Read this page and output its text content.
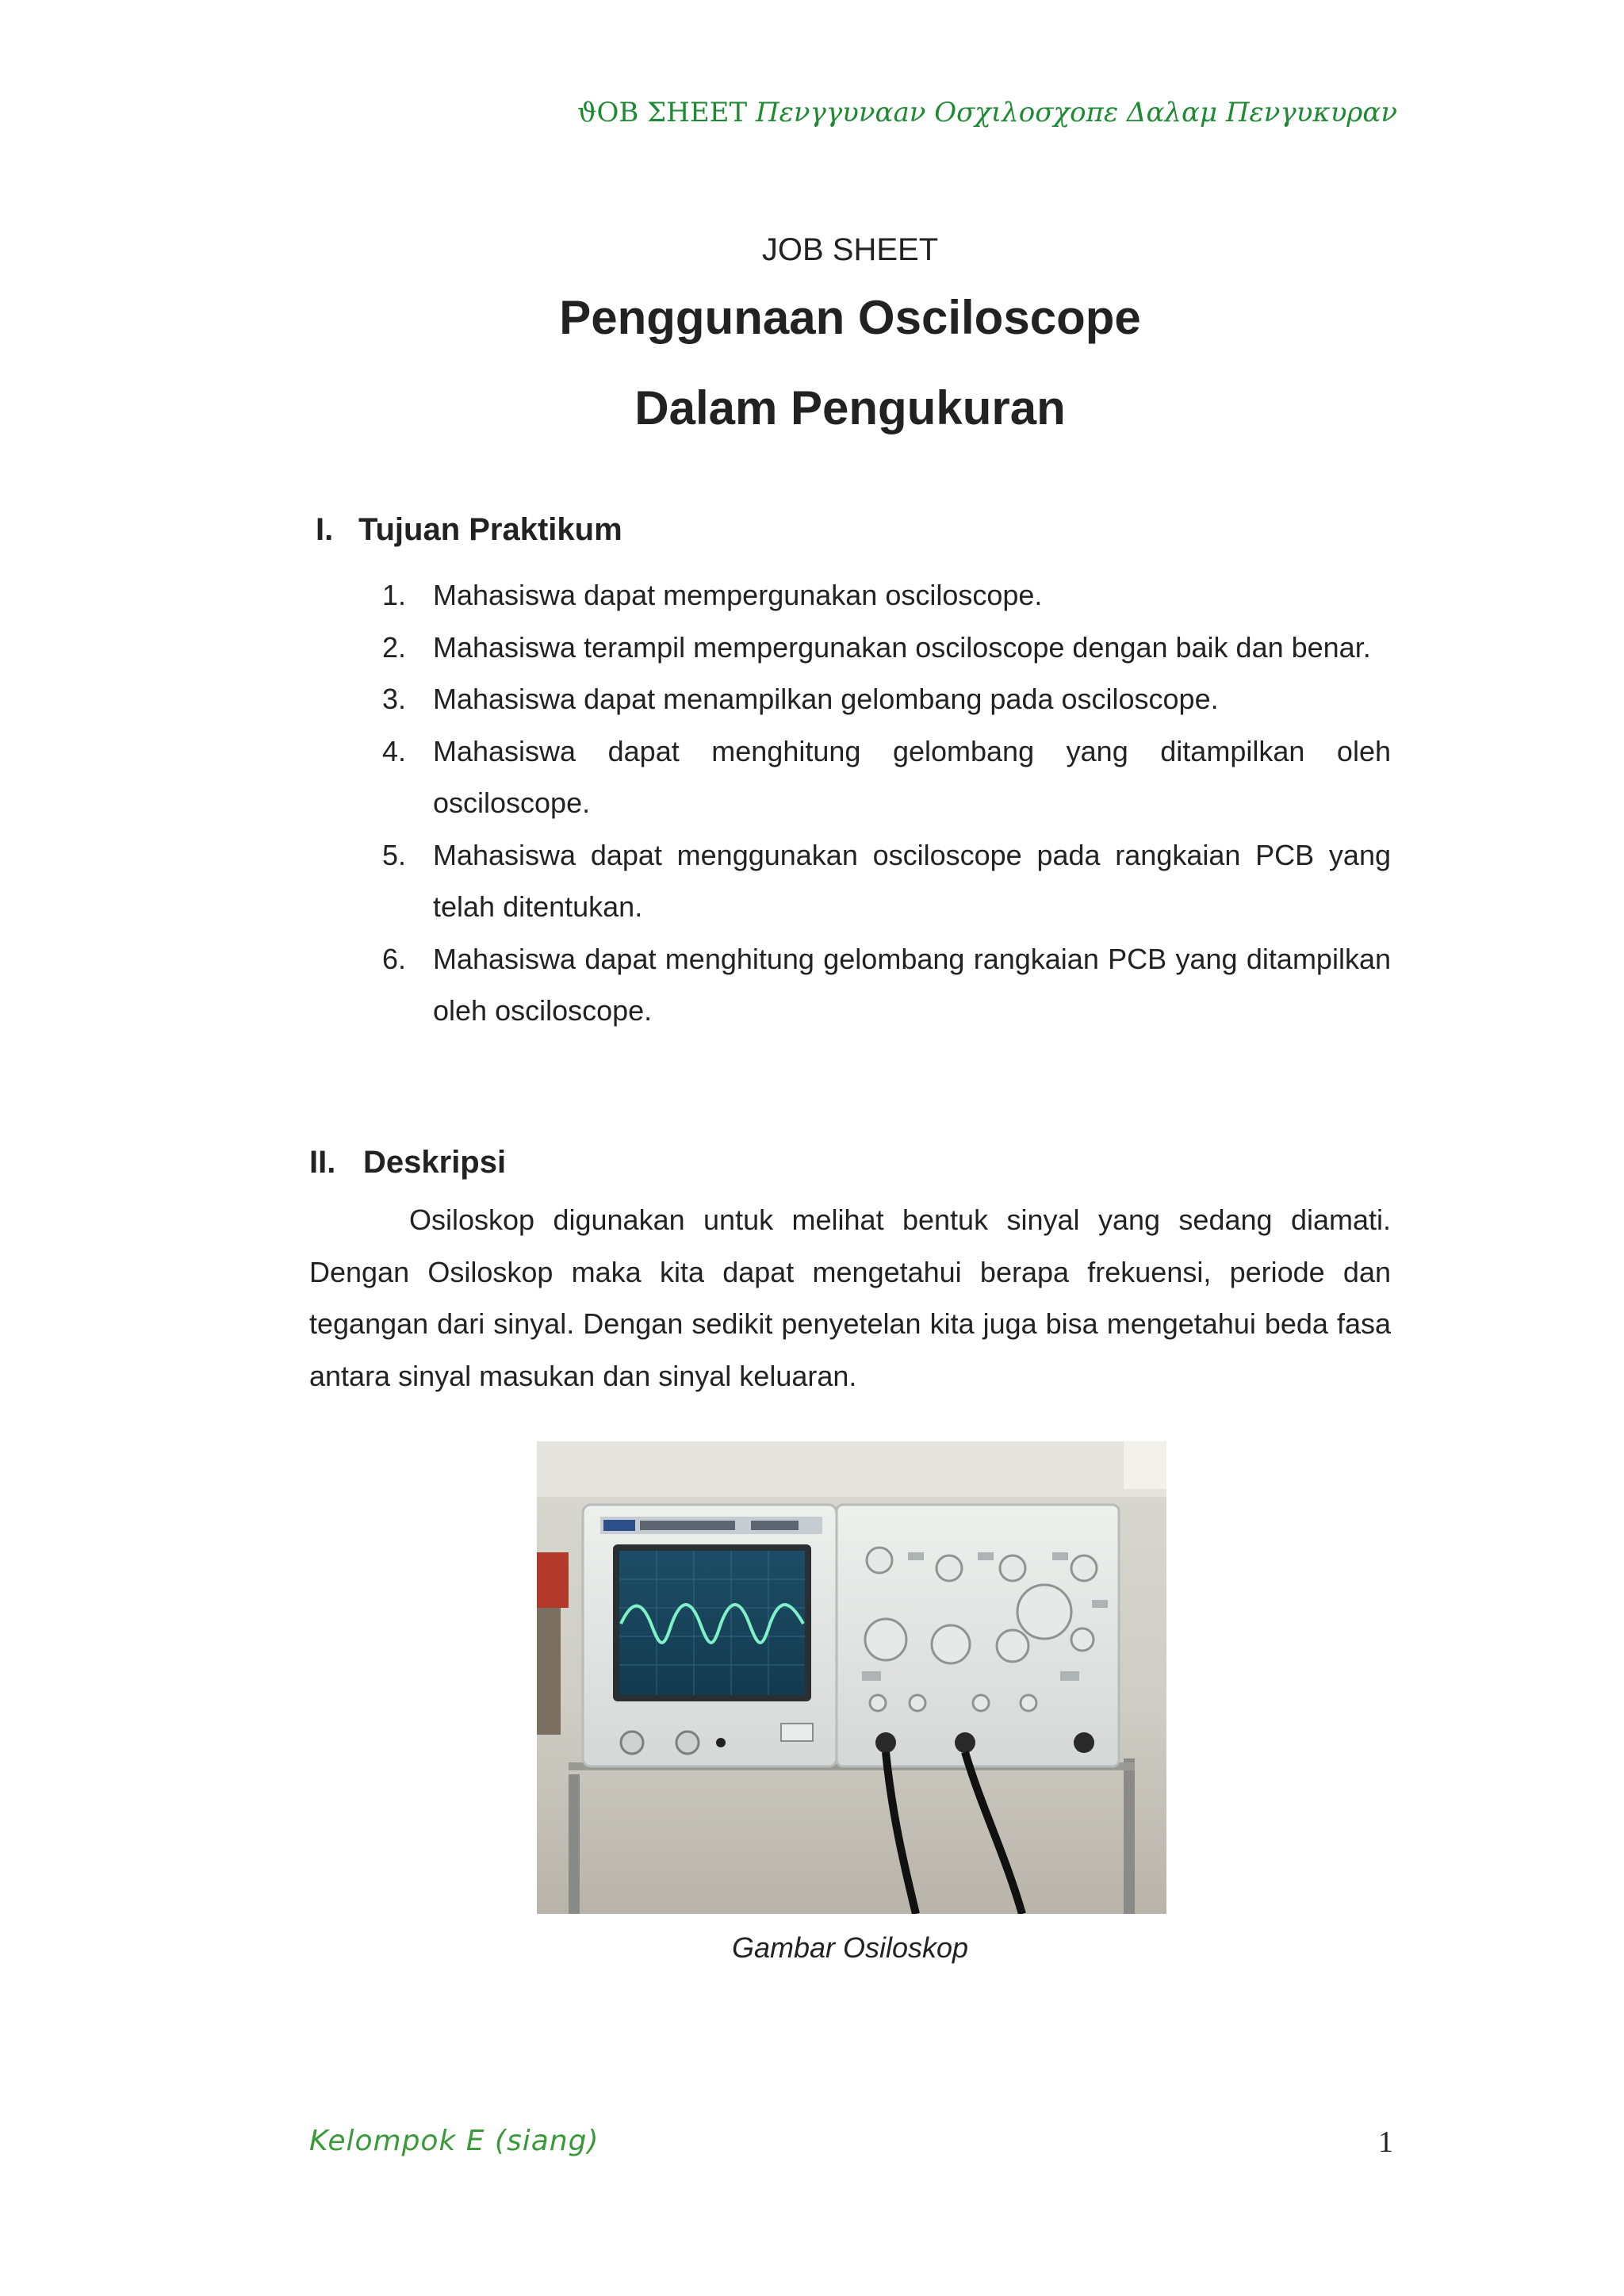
ϑΟΒ ΣΗΕΕΤ Πενγγυναaν Οσχιλοσχοπε Δαλαμ Πενγυκυραν
JOB SHEET
Penggunaan Osciloscope
Dalam Pengukuran
I. Tujuan Praktikum
1. Mahasiswa dapat mempergunakan osciloscope.
2. Mahasiswa terampil mempergunakan osciloscope dengan baik dan benar.
3. Mahasiswa dapat menampilkan gelombang pada osciloscope.
4. Mahasiswa dapat menghitung gelombang yang ditampilkan oleh osciloscope.
5. Mahasiswa dapat menggunakan osciloscope pada rangkaian PCB yang telah ditentukan.
6. Mahasiswa dapat menghitung gelombang rangkaian PCB yang ditampilkan oleh osciloscope.
II. Deskripsi

Osiloskop digunakan untuk melihat bentuk sinyal yang sedang diamati. Dengan Osiloskop maka kita dapat mengetahui berapa frekuensi, periode dan tegangan dari sinyal. Dengan sedikit penyetelan kita juga bisa mengetahui beda fasa antara sinyal masukan dan sinyal keluaran.

Gambar Osiloskop
Kelompok E (siang)	1
